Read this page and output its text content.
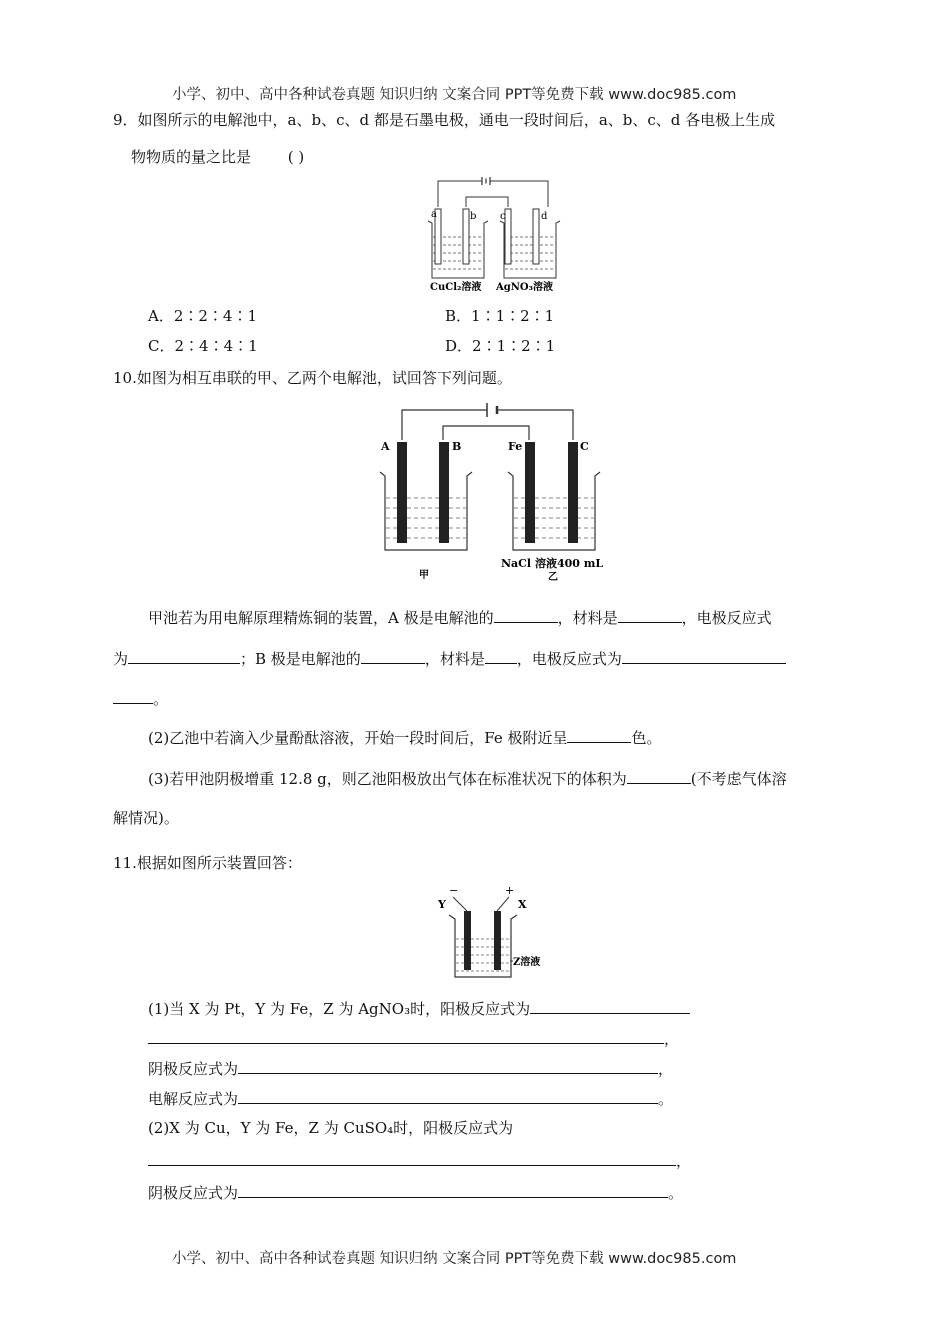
小学、初中、高中各种试卷真题 知识归纳 文案合同 PPT等免费下载 www.doc985.com
9．如图所示的电解池中，a、b、c、d 都是石墨电极，通电一段时间后，a、b、c、d 各电极上生成
物物质的量之比是 ( )
a	b c	d
CuCl₂溶液 AgNO₃溶液
A．2∶2∶4∶1	B．1∶1∶2∶1
C．2∶4∶4∶1	D．2∶1∶2∶1
10.如图为相互串联的甲、乙两个电解池，试回答下列问题。
A	B	Fe	C
NaCl 溶液400 mL
甲	乙
甲池若为用电解原理精炼铜的装置，A 极是电解池的	，材料是	，电极反应式
为	；B 极是电解池的	，材料是 ，电极反应式为
。
(2)乙池中若滴入少量酚酞溶液，开始一段时间后，Fe 极附近呈	色。
(3)若甲池阴极增重 12.8 g，则乙池阳极放出气体在标准状况下的体积为	(不考虑气体溶
解情况)。
11.根据如图所示装置回答：
−	+
Y	X
Z溶液
(1)当 X 为 Pt，Y 为 Fe，Z 为 AgNO₃时，阳极反应式为
，
阴极反应式为	，
电解反应式为	。
(2)X 为 Cu，Y 为 Fe，Z 为 CuSO₄时，阳极反应式为
，
阴极反应式为	。
小学、初中、高中各种试卷真题 知识归纳 文案合同 PPT等免费下载 www.doc985.com
